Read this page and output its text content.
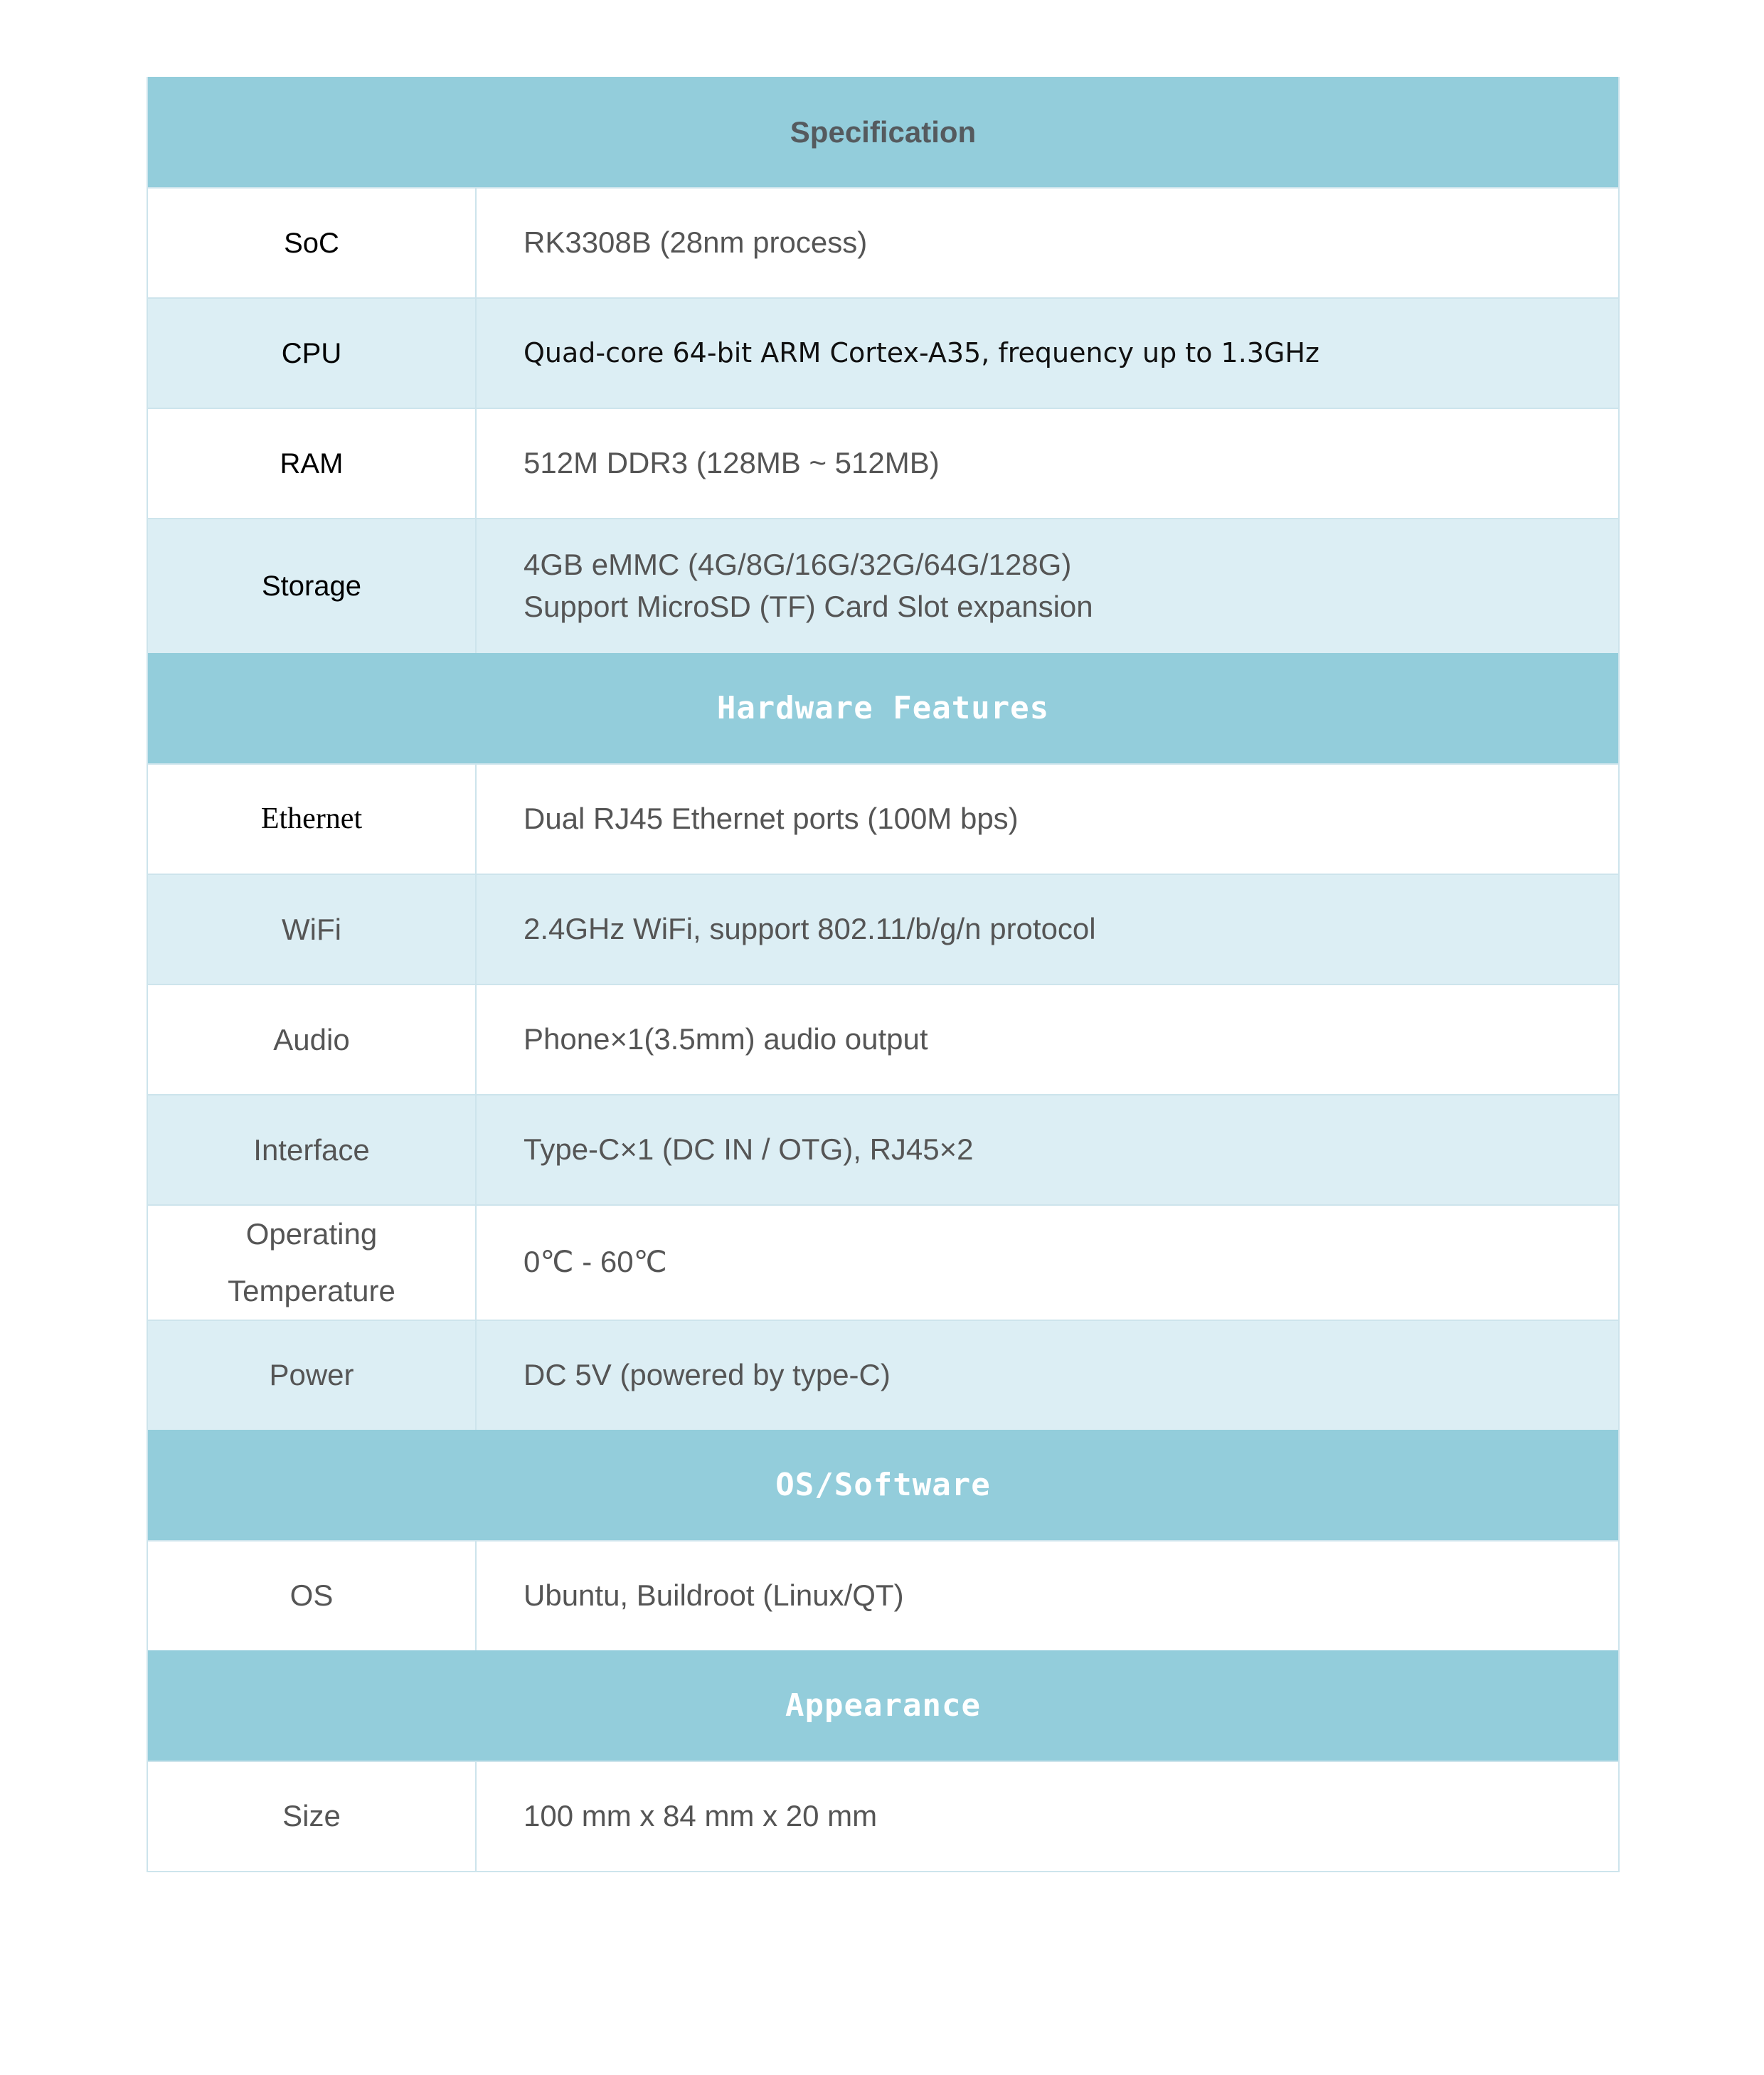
Specification	
SoC	RK3308B (28nm process)
CPU	Quad-core 64-bit ARM Cortex-A35, frequency up to 1.3GHz
RAM	512M DDR3 (128MB ~ 512MB)
Storage	4GB eMMC (4G/8G/16G/32G/64G/128G)
Support MicroSD (TF) Card Slot expansion

Hardware Features	
Ethernet	Dual RJ45 Ethernet ports (100M bps)
WiFi	2.4GHz WiFi, support 802.11/b/g/n protocol
Audio	Phone×1(3.5mm) audio output
Interface	Type-C×1 (DC IN / OTG), RJ45×2

Operating
Temperature	0℃ - 60℃
Power	DC 5V (powered by type-C)
OS/Software	
OS	Ubuntu, Buildroot (Linux/QT)
Appearance	
Size	100 mm x 84 mm x 20 mm
